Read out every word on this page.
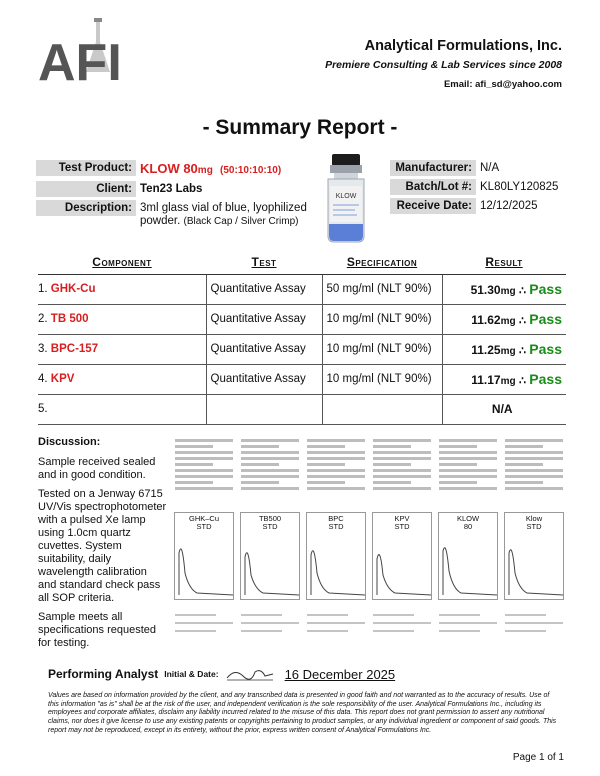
AFI	Analytical Formulations, Inc.
Premiere Consulting & Lab Services since 2008
Email: afi_sd@yahoo.com
- Summary Report -
Test Product: KLOW 80mg (50:10:10:10)
Client: Ten23 Labs
Description: 3ml glass vial of blue, lyophilized
powder. (Black Cap / Silver Crimp)
KLOW
Manufacturer: N/A
Batch/Lot #: KL80LY120825
Receive Date: 12/12/2025
Component	Test	Specification	Result
1. GHK-Cu	Quantitative Assay	50 mg/ml (NLT 90%)	51.30mg ∴ Pass
2. TB 500	Quantitative Assay	10 mg/ml (NLT 90%)	11.62mg ∴ Pass
3. BPC-157	Quantitative Assay	10 mg/ml (NLT 90%)	11.25mg ∴ Pass
4. KPV	Quantitative Assay	10 mg/ml (NLT 90%)	11.17mg ∴ Pass
5.			N/A
Discussion:

Sample received sealed and in good condition.

Tested on a Jenway 6715 UV/Vis spectrophotometer with a pulsed Xe lamp using 1.0cm quartz cuvettes. System suitability, daily wavelength calibration and standard check pass all SOP criteria.

Sample meets all specifications requested for testing.

GHK–Cu
STD
TB500
STD
BPC
STD
KPV
STD
KLOW
80
Klow
STD
Performing Analyst Initial & Date:	16 December 2025
Values are based on information provided by the client, and any transcribed data is presented in good faith and not warranted as to the accuracy of results. Use of this information "as is" shall be at the risk of the user, and independent verification is the sole responsibility of the user. Analytical Formulations Inc., including its employees and corporate affiliates, disclaim any liability incurred related to the misuse of this data. This report does not grant permission to assert any nutritional claims, nor does it give license to use any existing patents or copyrights pertaining to product samples, or any individual ingredient or component of said goods. This report may not be reproduced, except in its entirety, without the prior, express written consent of Analytical Formulations Inc.
Page 1 of 1
